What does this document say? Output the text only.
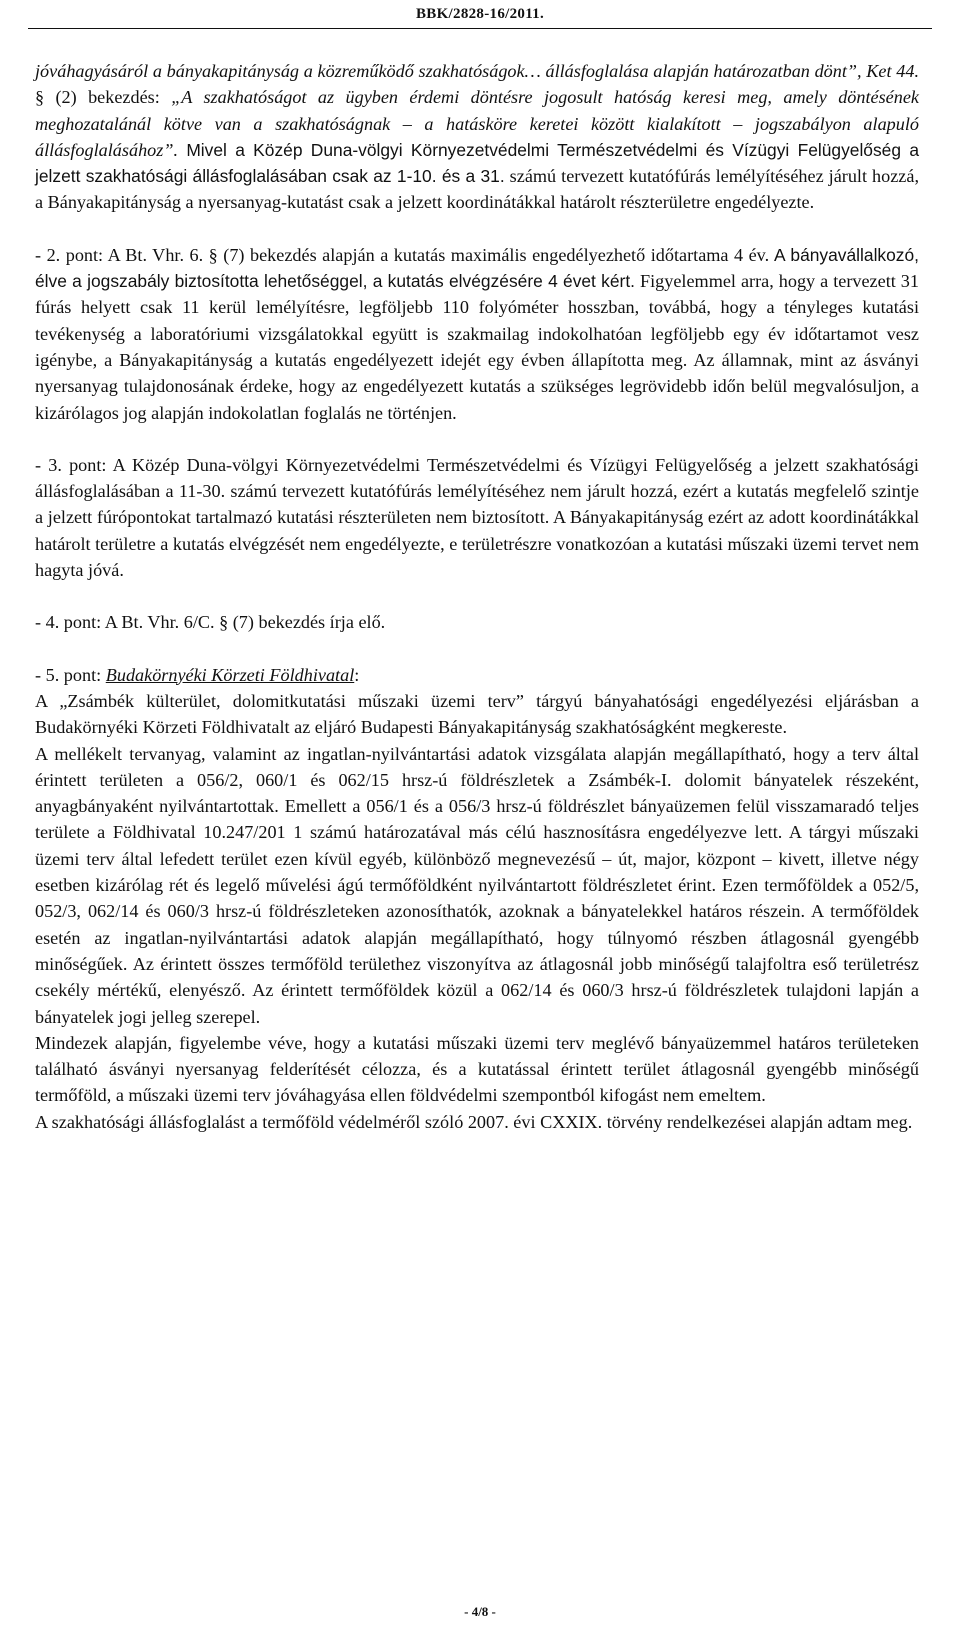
BBK/2828-16/2011.

jóváhagyásáról a bányakapitányság a közreműködő szakhatóságok… állásfoglalása alapján határozatban dönt”, Ket 44. § (2) bekezdés: „A szakhatóságot az ügyben érdemi döntésre jogosult hatóság keresi meg, amely döntésének meghozatalánál kötve van a szakhatóságnak – a hatásköre keretei között kialakított – jogszabályon alapuló állásfoglalásához”. Mivel a Közép Duna-völgyi Környezetvédelmi Természetvédelmi és Vízügyi Felügyelőség a jelzett szakhatósági állásfoglalásában csak az 1-10. és a 31. számú tervezett kutatófúrás lemélyítéséhez járult hozzá, a Bányakapitányság a nyersanyag-kutatást csak a jelzett koordinátákkal határolt részterületre engedélyezte.

- 2. pont: A Bt. Vhr. 6. § (7) bekezdés alapján a kutatás maximális engedélyezhető időtartama 4 év. A bányavállalkozó, élve a jogszabály biztosította lehetőséggel, a kutatás elvégzésére 4 évet kért. Figyelemmel arra, hogy a tervezett 31 fúrás helyett csak 11 kerül lemélyítésre, legföljebb 110 folyóméter hosszban, továbbá, hogy a tényleges kutatási tevékenység a laboratóriumi vizsgálatokkal együtt is szakmailag indokolhatóan legföljebb egy év időtartamot vesz igénybe, a Bányakapitányság a kutatás engedélyezett idejét egy évben állapította meg. Az államnak, mint az ásványi nyersanyag tulajdonosának érdeke, hogy az engedélyezett kutatás a szükséges legrövidebb időn belül megvalósuljon, a kizárólagos jog alapján indokolatlan foglalás ne történjen.

- 3. pont: A Közép Duna-völgyi Környezetvédelmi Természetvédelmi és Vízügyi Felügyelőség a jelzett szakhatósági állásfoglalásában a 11-30. számú tervezett kutatófúrás lemélyítéséhez nem járult hozzá, ezért a kutatás megfelelő szintje a jelzett fúrópontokat tartalmazó kutatási részterületen nem biztosított. A Bányakapitányság ezért az adott koordinátákkal határolt területre a kutatás elvégzését nem engedélyezte, e területrészre vonatkozóan a kutatási műszaki üzemi tervet nem hagyta jóvá.

- 4. pont: A Bt. Vhr. 6/C. § (7) bekezdés írja elő.

- 5. pont: Budakörnyéki Körzeti Földhivatal:

A „Zsámbék külterület, dolomitkutatási műszaki üzemi terv” tárgyú bányahatósági engedélyezési eljárásban a Budakörnyéki Körzeti Földhivatalt az eljáró Budapesti Bányakapitányság szakhatóságként megkereste.

A mellékelt tervanyag, valamint az ingatlan-nyilvántartási adatok vizsgálata alapján megállapítható, hogy a terv által érintett területen a 056/2, 060/1 és 062/15 hrsz-ú földrészletek a Zsámbék-I. dolomit bányatelek részeként, anyagbányaként nyilvántartottak. Emellett a 056/1 és a 056/3 hrsz-ú földrészlet bányaüzemen felül visszamaradó teljes területe a Földhivatal 10.247/201 1 számú határozatával más célú hasznosításra engedélyezve lett. A tárgyi műszaki üzemi terv által lefedett terület ezen kívül egyéb, különböző megnevezésű – út, major, központ – kivett, illetve négy esetben kizárólag rét és legelő művelési ágú termőföldként nyilvántartott földrészletet érint. Ezen termőföldek a 052/5, 052/3, 062/14 és 060/3 hrsz-ú földrészleteken azonosíthatók, azoknak a bányatelekkel határos részein. A termőföldek esetén az ingatlan-nyilvántartási adatok alapján megállapítható, hogy túlnyomó részben átlagosnál gyengébb minőségűek. Az érintett összes termőföld területhez viszonyítva az átlagosnál jobb minőségű talajfoltra eső területrész csekély mértékű, elenyésző. Az érintett termőföldek közül a 062/14 és 060/3 hrsz-ú földrészletek tulajdoni lapján a bányatelek jogi jelleg szerepel.

Mindezek alapján, figyelembe véve, hogy a kutatási műszaki üzemi terv meglévő bányaüzemmel határos területeken található ásványi nyersanyag felderítését célozza, és a kutatással érintett terület átlagosnál gyengébb minőségű termőföld, a műszaki üzemi terv jóváhagyása ellen földvédelmi szempontból kifogást nem emeltem.

A szakhatósági állásfoglalást a termőföld védelméről szóló 2007. évi CXXIX. törvény rendelkezései alapján adtam meg.

- 4/8 -
